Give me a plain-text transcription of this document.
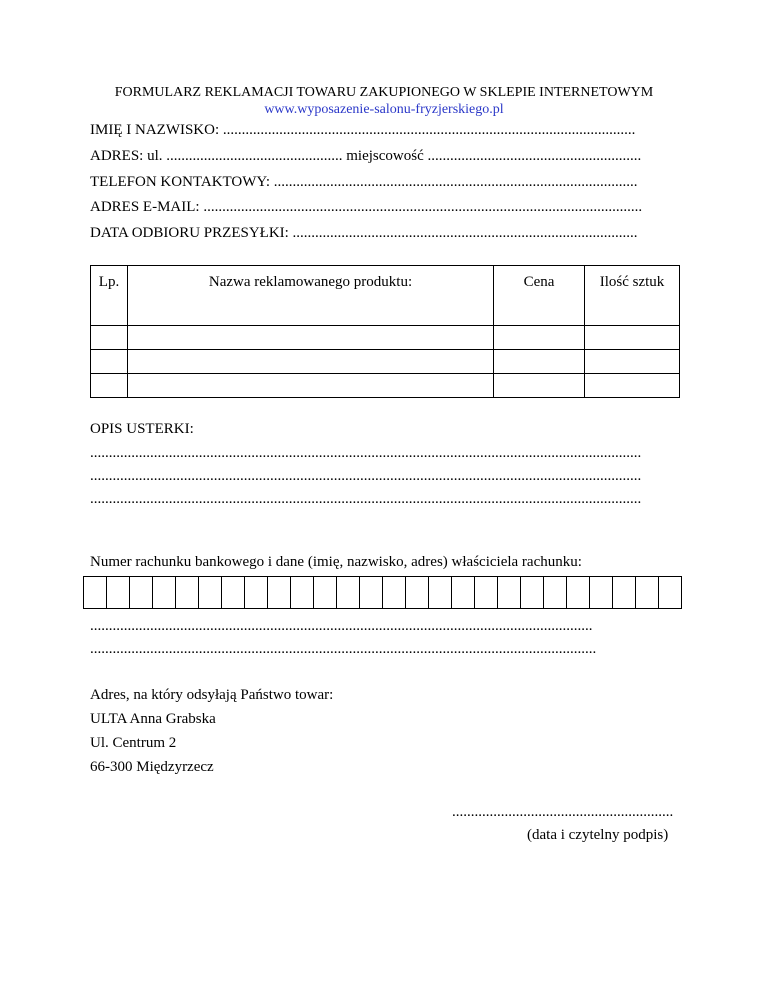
FORMULARZ REKLAMACJI TOWARU ZAKUPIONEGO W SKLEPIE INTERNETOWYM
www.wyposazenie-salonu-fryzjerskiego.pl
IMIĘ I NAZWISKO: ..............................................................................................................
ADRES: ul. ............................................... miejscowość .........................................................
TELEFON KONTAKTOWY: .................................................................................................
ADRES E-MAIL: .....................................................................................................................
DATA ODBIORU PRZESYŁKI: ............................................................................................
Lp.	Nazwa reklamowanego produktu:	Cena	Ilość sztuk

OPIS USTERKI:
...................................................................................................................................................
...................................................................................................................................................
...................................................................................................................................................
Numer rachunku bankowego i dane (imię, nazwisko, adres) właściciela rachunku:
......................................................................................................................................
.......................................................................................................................................
Adres, na który odsyłają Państwo towar:
ULTA Anna Grabska
Ul. Centrum 2
66-300 Międzyrzecz
...........................................................
(data i czytelny podpis)
